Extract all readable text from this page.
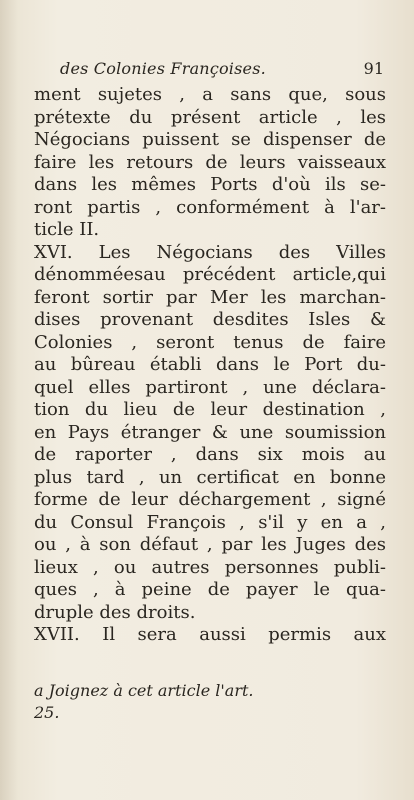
des Colonies Françoises.	91
ment sujetes , a sans que, sous
prétexte du présent article , les
Négocians puissent se dispenser de
faire les retours de leurs vaisseaux
dans les mêmes Ports d'où ils se-
ront partis , conformément à l'ar-
ticle II.
XVI. Les Négocians des Villes
dénomméesau précédent article,qui
feront sortir par Mer les marchan-
dises provenant desdites Isles &
Colonies , seront tenus de faire
au bûreau établi dans le Port du-
quel elles partiront , une déclara-
tion du lieu de leur destination ,
en Pays étranger & une soumission
de raporter , dans six mois au
plus tard , un certificat en bonne
forme de leur déchargement , signé
du Consul François , s'il y en a ,
ou , à son défaut , par les Juges des
lieux , ou autres personnes publi-
ques , à peine de payer le qua-
druple des droits.
XVII. Il sera aussi permis aux
a Joignez à cet article l'art.
25.
